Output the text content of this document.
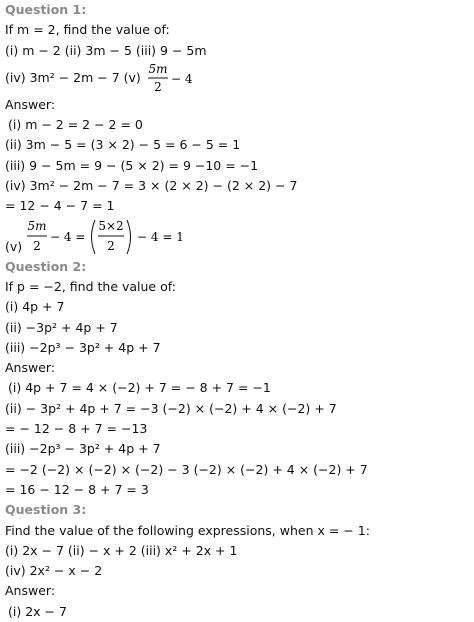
Question 1:
If m = 2, find the value of:
(i) m − 2 (ii) 3m − 5 (iii) 9 − 5m
(iv) 3m² − 2m − 7 (v)
5m
2
− 4
Answer:
(i) m − 2 = 2 − 2 = 0
(ii) 3m − 5 = (3 × 2) − 5 = 6 − 5 = 1
(iii) 9 − 5m = 9 − (5 × 2) = 9 −10 = −1
(iv) 3m² − 2m − 7 = 3 × (2 × 2) − (2 × 2) − 7
= 12 − 4 − 7 = 1
(v)
5m
2
− 4 =
5×2
2
− 4 = 1
Question 2:
If p = −2, find the value of:
(i) 4p + 7
(ii) −3p² + 4p + 7
(iii) −2p³ − 3p² + 4p + 7
Answer:
(i) 4p + 7 = 4 × (−2) + 7 = − 8 + 7 = −1
(ii) − 3p² + 4p + 7 = −3 (−2) × (−2) + 4 × (−2) + 7
= − 12 − 8 + 7 = −13
(iii) −2p³ − 3p² + 4p + 7
= −2 (−2) × (−2) × (−2) − 3 (−2) × (−2) + 4 × (−2) + 7
= 16 − 12 − 8 + 7 = 3
Question 3:
Find the value of the following expressions, when x = − 1:
(i) 2x − 7 (ii) − x + 2 (iii) x² + 2x + 1
(iv) 2x² − x − 2
Answer:
(i) 2x − 7
